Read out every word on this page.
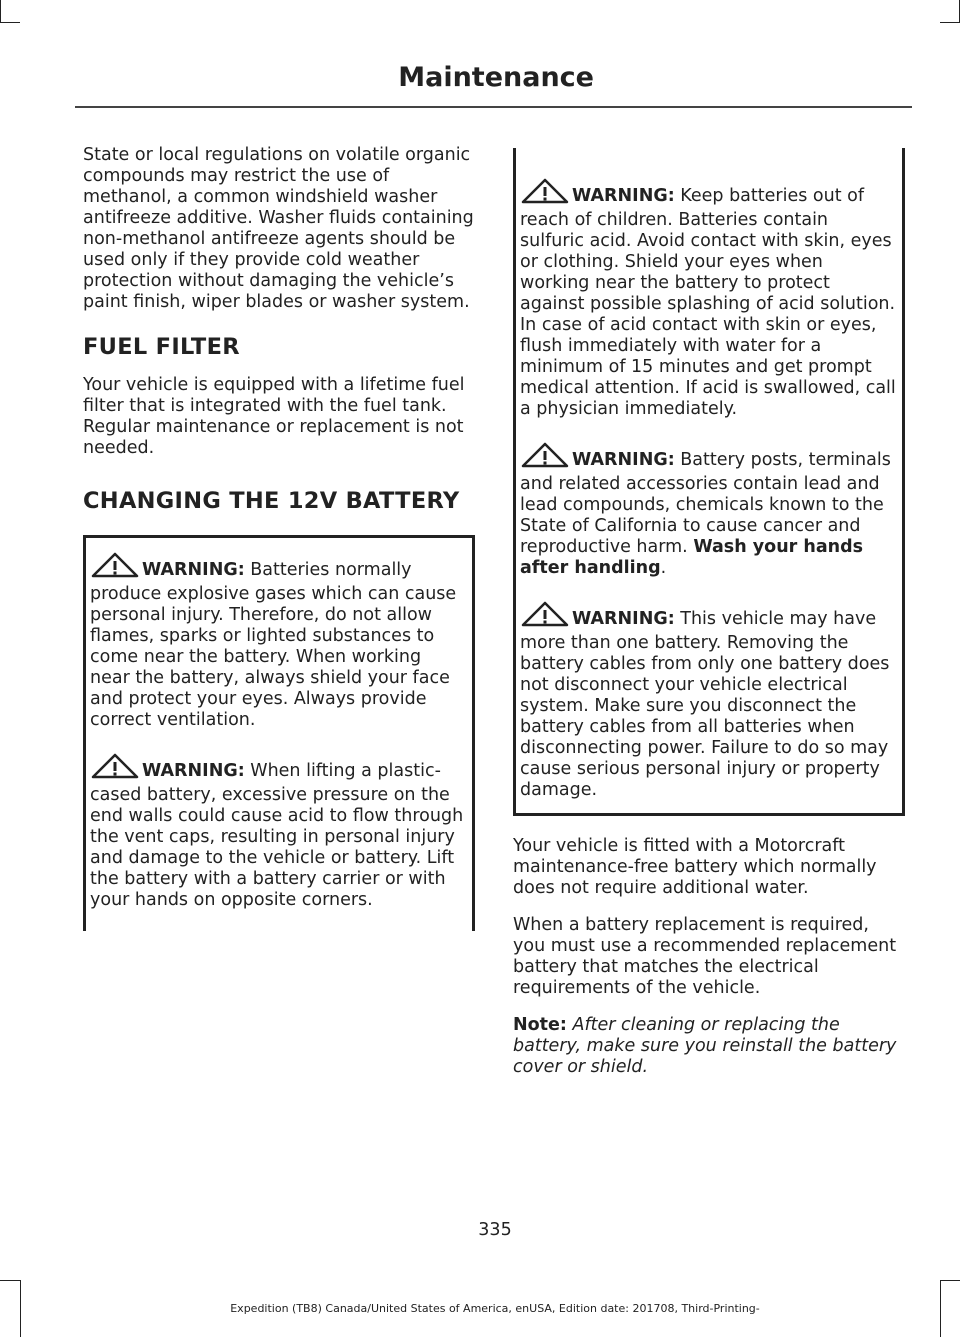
Maintenance

State or local regulations on volatile organic compounds may restrict the use of methanol, a common windshield washer antifreeze additive. Washer fluids containing non-methanol antifreeze agents should be used only if they provide cold weather protection without damaging the vehicle’s paint finish, wiper blades or washer system.

FUEL FILTER

Your vehicle is equipped with a lifetime fuel filter that is integrated with the fuel tank. Regular maintenance or replacement is not needed.

CHANGING THE 12V BATTERY
WARNING: Batteries normally produce explosive gases which can cause personal injury. Therefore, do not allow flames, sparks or lighted substances to come near the battery. When working near the battery, always shield your face and protect your eyes. Always provide correct ventilation.
WARNING: When lifting a plastic-cased battery, excessive pressure on the end walls could cause acid to flow through the vent caps, resulting in personal injury and damage to the vehicle or battery. Lift the battery with a battery carrier or with your hands on opposite corners.
WARNING: Keep batteries out of reach of children. Batteries contain sulfuric acid. Avoid contact with skin, eyes or clothing. Shield your eyes when working near the battery to protect against possible splashing of acid solution. In case of acid contact with skin or eyes, flush immediately with water for a minimum of 15 minutes and get prompt medical attention. If acid is swallowed, call a physician immediately.
WARNING: Battery posts, terminals and related accessories contain lead and lead compounds, chemicals known to the State of California to cause cancer and reproductive harm. Wash your hands after handling.
WARNING: This vehicle may have more than one battery. Removing the battery cables from only one battery does not disconnect your vehicle electrical system. Make sure you disconnect the battery cables from all batteries when disconnecting power. Failure to do so may cause serious personal injury or property damage.

Your vehicle is fitted with a Motorcraft maintenance-free battery which normally does not require additional water.

When a battery replacement is required, you must use a recommended replacement battery that matches the electrical requirements of the vehicle.

Note: After cleaning or replacing the battery, make sure you reinstall the battery cover or shield.

335
Expedition (TB8) Canada/United States of America, enUSA, Edition date: 201708, Third-Printing-
